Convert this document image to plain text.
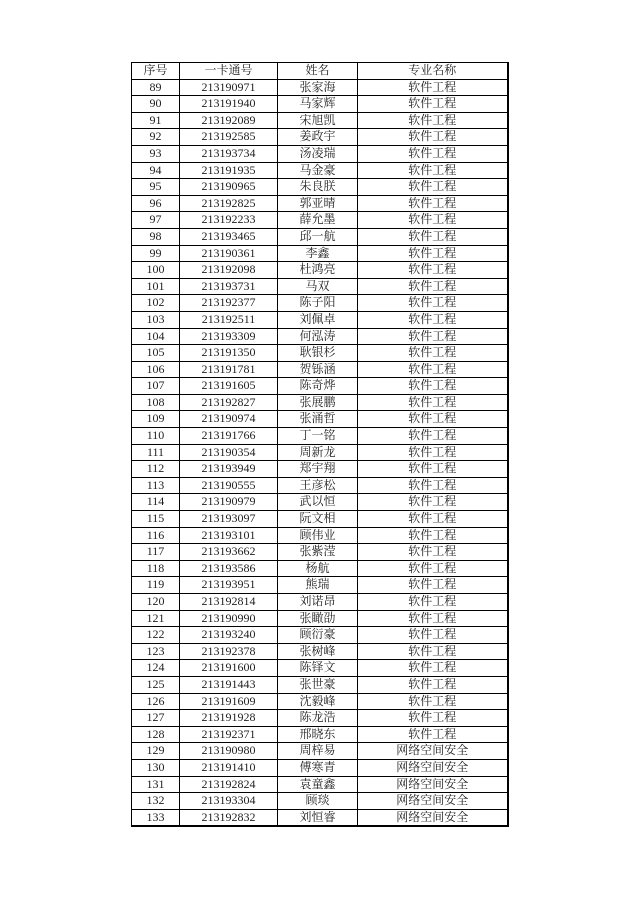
序号	一卡通号	姓名	专业名称
89	213190971	张家海	软件工程
90	213191940	马家辉	软件工程
91	213192089	宋旭凯	软件工程
92	213192585	姜政宇	软件工程
93	213193734	汤凌瑞	软件工程
94	213191935	马金豪	软件工程
95	213190965	朱良朕	软件工程
96	213192825	郭亚晴	软件工程
97	213192233	薛允墨	软件工程
98	213193465	邱一航	软件工程
99	213190361	李鑫	软件工程
100	213192098	杜鸿亮	软件工程
101	213193731	马双	软件工程
102	213192377	陈子阳	软件工程
103	213192511	刘佩卓	软件工程
104	213193309	何泓涛	软件工程
105	213191350	耿银杉	软件工程
106	213191781	贺铄涵	软件工程
107	213191605	陈奇烨	软件工程
108	213192827	张展鹏	软件工程
109	213190974	张涌哲	软件工程
110	213191766	丁一铭	软件工程
111	213190354	周新龙	软件工程
112	213193949	郑宇翔	软件工程
113	213190555	王彦松	软件工程
114	213190979	武以恒	软件工程
115	213193097	阮文相	软件工程
116	213193101	顾伟业	软件工程
117	213193662	张紫滢	软件工程
118	213193586	杨航	软件工程
119	213193951	熊瑞	软件工程
120	213192814	刘诺昂	软件工程
121	213190990	张瞰劭	软件工程
122	213193240	顾衍豪	软件工程
123	213192378	张树峰	软件工程
124	213191600	陈铎文	软件工程
125	213191443	张世豪	软件工程
126	213191609	沈毅峰	软件工程
127	213191928	陈龙浩	软件工程
128	213192371	邢晓东	软件工程
129	213190980	周梓易	网络空间安全
130	213191410	傅寒青	网络空间安全
131	213192824	袁童鑫	网络空间安全
132	213193304	顾琰	网络空间安全
133	213192832	刘恒睿	网络空间安全
